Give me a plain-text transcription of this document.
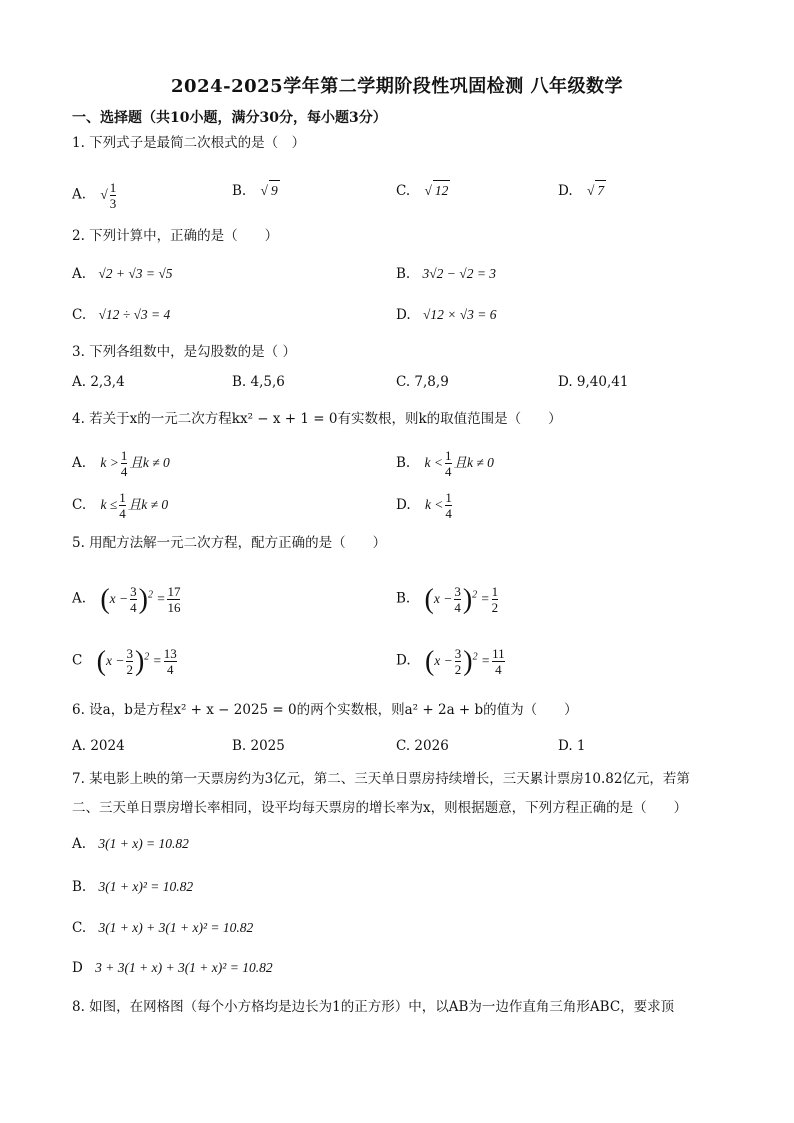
2024-2025学年第二学期阶段性巩固检测 八年级数学
一、选择题（共10小题，满分30分，每小题3分）
1. 下列式子是最简二次根式的是（　）
A. √ $\frac{1}{3}$	B. √ 9	C. √ 12	D. √ 7
2. 下列计算中，正确的是（　　）
A. √2 + √3 = √5	B. 3√2 − √2 = 3
C. √12 ÷ √3 = 4	D. √12 × √3 = 6
3. 下列各组数中，是勾股数的是（ ）
A. 2,3,4	B. 4,5,6	C. 7,8,9	D. 9,40,41
4. 若关于x的一元二次方程kx² − x + 1 = 0有实数根，则k的取值范围是（　　）
A. $k > \frac{1}{4}$ 且k ≠ 0	B. $k < \frac{1}{4}$ 且k ≠ 0
C. $k \le \frac{1}{4}$ 且k ≠ 0	D. $k < \frac{1}{4}$
5. 用配方法解一元二次方程，配方正确的是（　　）
A. $(x - \frac{3}{4} )^2 = \frac{17}{16}$	B. $(x - \frac{3}{4} )^2 = \frac{1}{2}$
C $(x - \frac{3}{2} )^2 = \frac{13}{4}$	D. $(x - \frac{3}{2} )^2 = \frac{11}{4}$
6. 设a，b是方程x² + x − 2025 = 0的两个实数根，则a² + 2a + b的值为（　　）
A. 2024	B. 2025	C. 2026	D. 1
7. 某电影上映的第一天票房约为3亿元，第二、三天单日票房持续增长，三天累计票房10.82亿元，若第
二、三天单日票房增长率相同，设平均每天票房的增长率为x，则根据题意，下列方程正确的是（　　）
A. 3(1 + x) = 10.82
B. 3(1 + x)² = 10.82
C. 3(1 + x) + 3(1 + x)² = 10.82
D 3 + 3(1 + x) + 3(1 + x)² = 10.82
8. 如图，在网格图（每个小方格均是边长为1的正方形）中，以AB为一边作直角三角形ABC，要求顶
